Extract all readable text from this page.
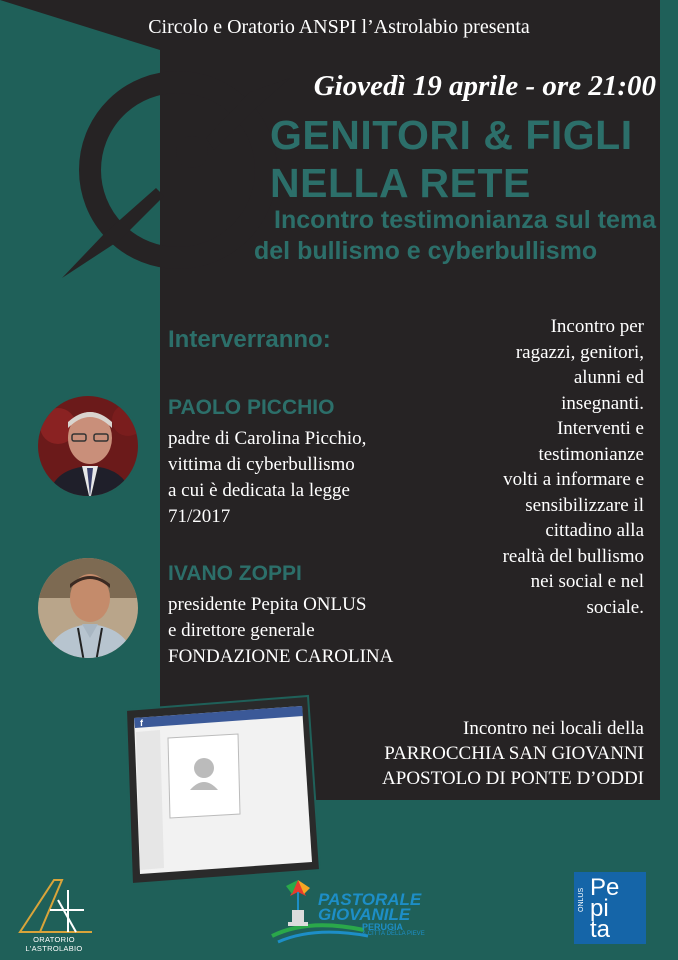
Circolo e Oratorio ANSPI l’Astrolabio presenta
Giovedì 19 aprile - ore 21:00
GENITORI & FIGLI
NELLA RETE
Incontro testimonianza sul tema
del bullismo e cyberbullismo
Interverranno:
PAOLO PICCHIO
padre di Carolina Picchio,
vittima di cyberbullismo
a cui è dedicata la legge
71/2017
IVANO ZOPPI
presidente Pepita ONLUS
e direttore generale
FONDAZIONE CAROLINA
Incontro per
ragazzi, genitori,
alunni ed
insegnanti.
Interventi e
testimonianze
volti a informare e
sensibilizzare il
cittadino alla
realtà del bullismo
nei social e nel
sociale.
Incontro nei locali della
PARROCCHIA SAN GIOVANNI
APOSTOLO DI PONTE D’ODDI
f
ORATORIO L'ASTROLABIO
PASTORALE
GIOVANILE
PERUGIA
& CITTÀ DELLA PIEVE
Pe
pi
ta
ONLUS
